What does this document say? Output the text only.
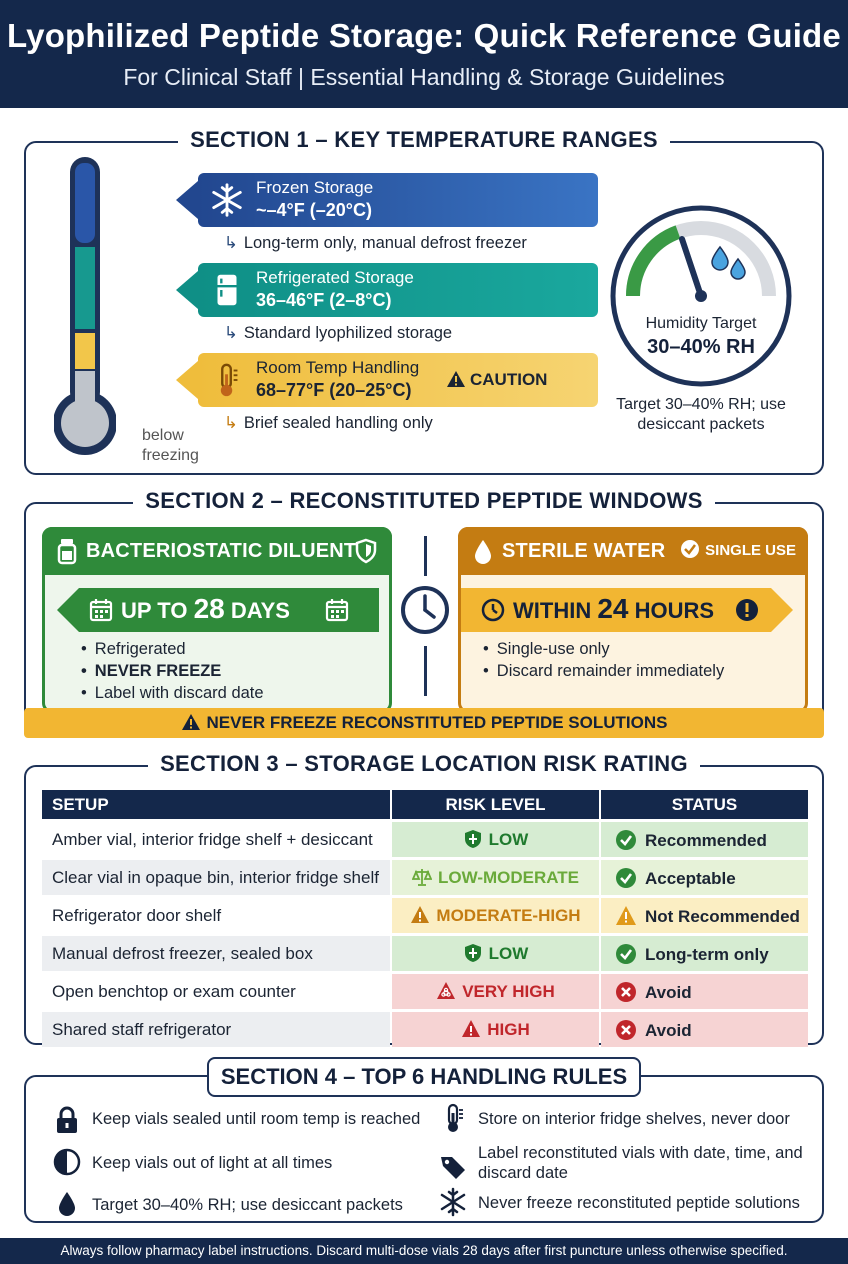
Lyophilized Peptide Storage: Quick Reference Guide
For Clinical Staff | Essential Handling & Storage Guidelines
SECTION 1 – KEY TEMPERATURE RANGES
Frozen Storage
~–4°F (–20°C)
↳ Long-term only, manual defrost freezer
Refrigerated Storage
36–46°F (2–8°C)
↳ Standard lyophilized storage
Room Temp Handling
68–77°F (20–25°C)
CAUTION
↳ Brief sealed handling only
below freezing
Humidity Target
30–40% RH
Target 30–40% RH; use desiccant packets
SECTION 2 – RECONSTITUTED PEPTIDE WINDOWS
BACTERIOSTATIC DILUENT
UP TO 28 DAYS
• Refrigerated
• NEVER FREEZE
• Label with discard date
STERILE WATER	SINGLE USE
WITHIN 24 HOURS
• Single-use only
• Discard remainder immediately
NEVER FREEZE RECONSTITUTED PEPTIDE SOLUTIONS
SECTION 3 – STORAGE LOCATION RISK RATING
SETUP	RISK LEVEL	STATUS
Amber vial, interior fridge shelf + desiccant	LOW	Recommended
Clear vial in opaque bin, interior fridge shelf	LOW-MODERATE	Acceptable
Refrigerator door shelf	MODERATE-HIGH	Not Recommended
Manual defrost freezer, sealed box	LOW	Long-term only
Open benchtop or exam counter	VERY HIGH	Avoid
Shared staff refrigerator	HIGH	Avoid
SECTION 4 – TOP 6 HANDLING RULES
Keep vials sealed until room temp is reached	Store on interior fridge shelves, never door
Keep vials out of light at all times
Label reconstituted vials with date, time, and discard date
Target 30–40% RH; use desiccant packets	Never freeze reconstituted peptide solutions
Always follow pharmacy label instructions. Discard multi-dose vials 28 days after first puncture unless otherwise specified.
